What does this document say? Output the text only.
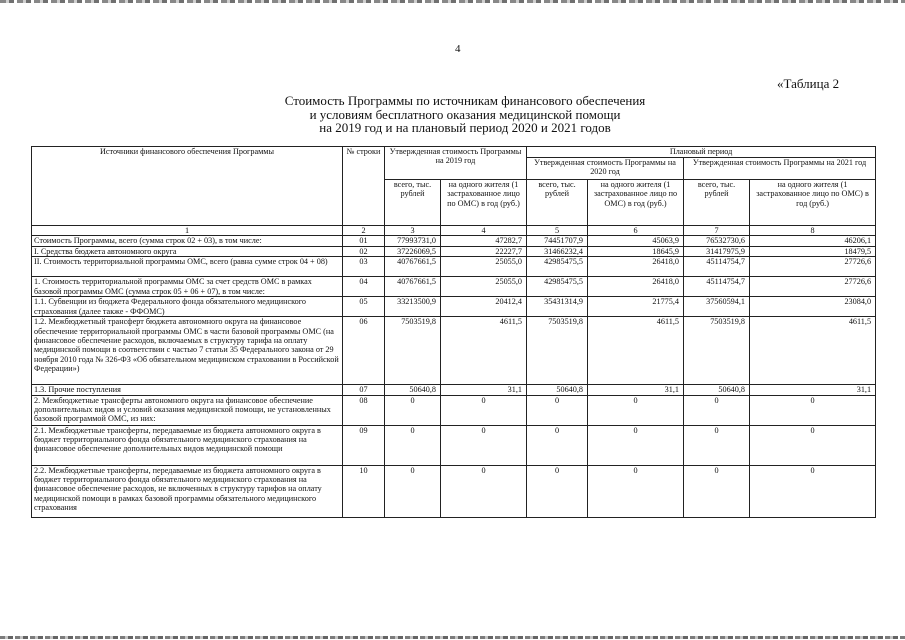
4
«Таблица 2
Стоимость Программы по источникам финансового обеспечения
и условиям бесплатного оказания медицинской помощи
на 2019 год и на плановый период 2020 и 2021 годов
Источники финансового обеспечения Программы	№ строки	Утвержденная стоимость Программы на 2019 год		Плановый период			
				Утвержденная стоимость Программы на 2020 год		Утвержденная стоимость Программы на 2021 год	
		всего, тыс. рублей	на одного жителя (1 застрахованное лицо по ОМС) в год (руб.)	всего, тыс. рублей	на одного жителя (1 застрахованное лицо по ОМС) в год (руб.)	всего, тыс. рублей	на одного жителя (1 застрахованное лицо по ОМС) в год (руб.)
1	2	3	4	5	6	7	8
Стоимость Программы, всего (сумма строк 02 + 03), в том числе:	01	77993731,0	47282,7	74451707,9	45063,9	76532730,6	46206,1
I. Средства бюджета автономного округа	02	37226069,5	22227,7	31466232,4	18645,9	31417975,9	18479,5
II. Стоимость территориальной программы ОМС, всего (равна сумме строк 04 + 08)	03	40767661,5	25055,0	42985475,5	26418,0	45114754,7	27726,6
1. Стоимость территориальной программы ОМС за счет средств ОМС в рамках базовой программы ОМС (сумма строк 05 + 06 + 07), в том числе:	04	40767661,5	25055,0	42985475,5	26418,0	45114754,7	27726,6
1.1. Субвенции из бюджета Федерального фонда обязательного медицинского страхования (далее также - ФФОМС)	05	33213500,9	20412,4	35431314,9	21775,4	37560594,1	23084,0
1.2. Межбюджетный трансферт бюджета автономного округа на финансовое обеспечение территориальной программы ОМС в части базовой программы ОМС (на финансовое обеспечение расходов, включаемых в структуру тарифа на оплату медицинской помощи в соответствии с частью 7 статьи 35 Федерального закона от 29 ноября 2010 года № 326-ФЗ «Об обязательном медицинском страховании в Российской Федерации»)	06	7503519,8	4611,5	7503519,8	4611,5	7503519,8	4611,5
1.3. Прочие поступления	07	50640,8	31,1	50640,8	31,1	50640,8	31,1
2. Межбюджетные трансферты автономного округа на финансовое обеспечение дополнительных видов и условий оказания медицинской помощи, не установленных базовой программой ОМС, из них:	08	0	0	0	0	0	0
2.1. Межбюджетные трансферты, передаваемые из бюджета автономного округа в бюджет территориального фонда обязательного медицинского страхования на финансовое обеспечение дополнительных видов медицинской помощи	09	0	0	0	0	0	0
2.2. Межбюджетные трансферты, передаваемые из бюджета автономного округа в бюджет территориального фонда обязательного медицинского страхования на финансовое обеспечение расходов, не включенных в структуру тарифов на оплату медицинской помощи в рамках базовой программы обязательного медицинского страхования	10	0	0	0	0	0	0
